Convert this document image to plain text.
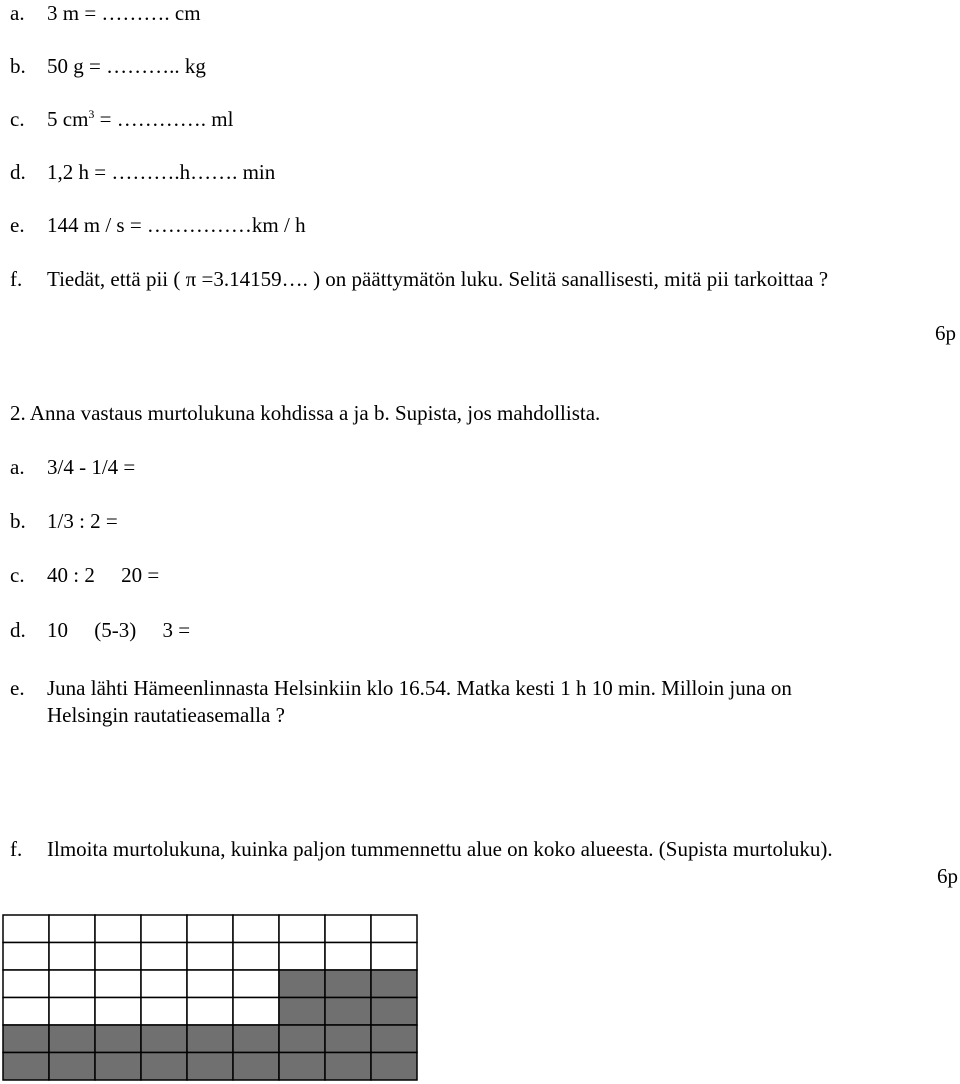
a. 3 m = ………. cm
b. 50 g = ……….. kg
c. 5 $cm^3$ = …………. ml
d. 1,2 h = ……….h……. min
e. 144 m / s = ……………km / h
f. Tiedät, että pii ( π =3.14159…. ) on päättymätön luku. Selitä sanallisesti, mitä pii tarkoittaa ?
6p
2. Anna vastaus murtolukuna kohdissa a ja b. Supista, jos mahdollista.
a. 3/4 - 1/4 =
b. 1/3 : 2 =
c. 40 : 2     20 =
d. 10     (5-3)     3 =
e. Juna lähti Hämeenlinnasta Helsinkiin klo 16.54. Matka kesti 1 h 10 min. Milloin juna on
Helsingin rautatieasemalla ?
f. Ilmoita murtolukuna, kuinka paljon tummennettu alue on koko alueesta. (Supista murtoluku).
6p
